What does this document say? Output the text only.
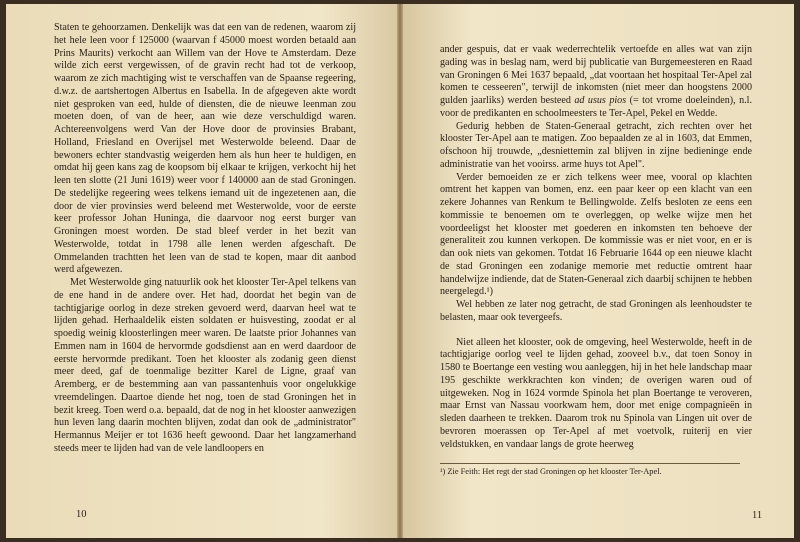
Staten te gehoorzamen. Denkelijk was dat een van de redenen, waarom zij het hele leen voor f 125000 (waarvan f 45000 moest worden betaald aan Prins Maurits) verkocht aan Willem van der Hove te Amsterdam. Deze wilde zich eerst vergewissen, of de gravin recht had tot de verkoop, waarom ze zich machtiging wist te verschaffen van de Spaanse regeering, d.w.z. de aartshertogen Albertus en Isabella. In de afgegeven akte wordt niet gesproken van eed, hulde of diensten, die de nieuwe leenman zou moeten doen, of van de heer, aan wie deze verschuldigd waren. Achtereenvolgens werd Van der Hove door de provinsies Brabant, Holland, Friesland en Overijsel met Westerwolde beleend. Daar de bewoners echter standvastig weigerden hem als hun heer te huldigen, en omdat hij geen kans zag de koopsom bij elkaar te krijgen, verkocht hij het leen ten slotte (21 Juni 1619) weer voor f 140000 aan de stad Groningen. De stedelijke regeering wees telkens iemand uit de ingezetenen aan, die door de vier provinsies werd beleend met Westerwolde, voor de eerste keer professor Johan Huninga, die daarvoor nog eerst burger van Groningen moest worden. De stad bleef verder in het bezit van Westerwolde, totdat in 1798 alle lenen werden afgeschaft. De Ommelanden trachtten het leen van de stad te kopen, maar dit aanbod werd afgewezen.

Met Westerwolde ging natuurlik ook het klooster Ter-Apel telkens van de ene hand in de andere over. Het had, doordat het begin van de tachtigjarige oorlog in deze streken gevoerd werd, daarvan heel wat te lijden gehad. Herhaaldelik eisten soldaten er huisvesting, zoodat er al spoedig weinig kloosterlingen meer waren. De laatste prior Johannes van Emmen nam in 1604 de hervormde godsdienst aan en werd daardoor de eerste hervormde predikant. Toen het klooster als zodanig geen dienst meer deed, gaf de toenmalige bezitter Karel de Ligne, graaf van Aremberg, er de bestemming aan van passantenhuis voor ongelukkige vreemdelingen. Daartoe diende het nog, toen de stad Groningen het in bezit kreeg. Toen werd o.a. bepaald, dat de nog in het klooster aanwezigen hun leven lang daarin mochten blijven, zodat dan ook de „administrator" Hermannus Meijer er tot 1636 heeft gewoond. Daar het langzamerhand steeds meer te lijden had van de vele landloopers en

10

ander gespuis, dat er vaak wederrechtelik vertoefde en alles wat van zijn gading was in beslag nam, werd bij publicatie van Burgemeesteren en Raad van Groningen 6 Mei 1637 bepaald, „dat voortaan het hospitaal Ter-Apel zal komen te cesseeren", terwijl de inkomsten (niet meer dan hoogstens 2000 gulden jaarliks) werden besteed ad usus pios (= tot vrome doeleinden), n.l. voor de predikanten en schoolmeesters te Ter-Apel, Pekel en Wedde.

Gedurig hebben de Staten-Generaal getracht, zich rechten over het klooster Ter-Apel aan te matigen. Zoo bepaalden ze al in 1603, dat Emmen, ofschoon hij trouwde, „desniettemin zal blijven in zijne bedieninge ende administratie van het vooirss. arme huys tot Apel".

Verder bemoeiden ze er zich telkens weer mee, vooral op klachten omtrent het kappen van bomen, enz. een paar keer op een klacht van een zekere Johannes van Renkum te Bellingwolde. Zelfs besloten ze eens een kommissie te benoemen om te overleggen, op welke wijze men het voordeeligst het klooster met goederen en inkomsten ten behoeve der generaliteit zou kunnen verkopen. De kommissie was er niet voor, en er is dan ook niets van gekomen. Totdat 16 Februarie 1644 op een nieuwe klacht de stad Groningen een zodanige memorie met reductie omtrent haar handelwijze indiende, dat de Staten-Generaal zich daarbij schijnen te hebben neergelegd.¹)

Wel hebben ze later nog getracht, de stad Groningen als leenhoudster te belasten, maar ook tevergeefs.

Niet alleen het klooster, ook de omgeving, heel Westerwolde, heeft in de tachtigjarige oorlog veel te lijden gehad, zooveel b.v., dat toen Sonoy in 1580 te Boertange een vesting wou aanleggen, hij in het hele landschap maar 195 geschikte werkkrachten kon vinden; de overigen waren oud of uitgeweken. Nog in 1624 vormde Spinola het plan Boertange te veroveren, maar Ernst van Nassau voorkwam hem, door met enige compagnieën in sleden daarheen te trekken. Daarom trok nu Spinola van Lingen uit over de bevroren moerassen op Ter-Apel af met voetvolk, ruiterij en vier veldstukken, en vandaar langs de grote heerweg

¹) Zie Feith: Het regt der stad Groningen op het klooster Ter-Apel.

11
